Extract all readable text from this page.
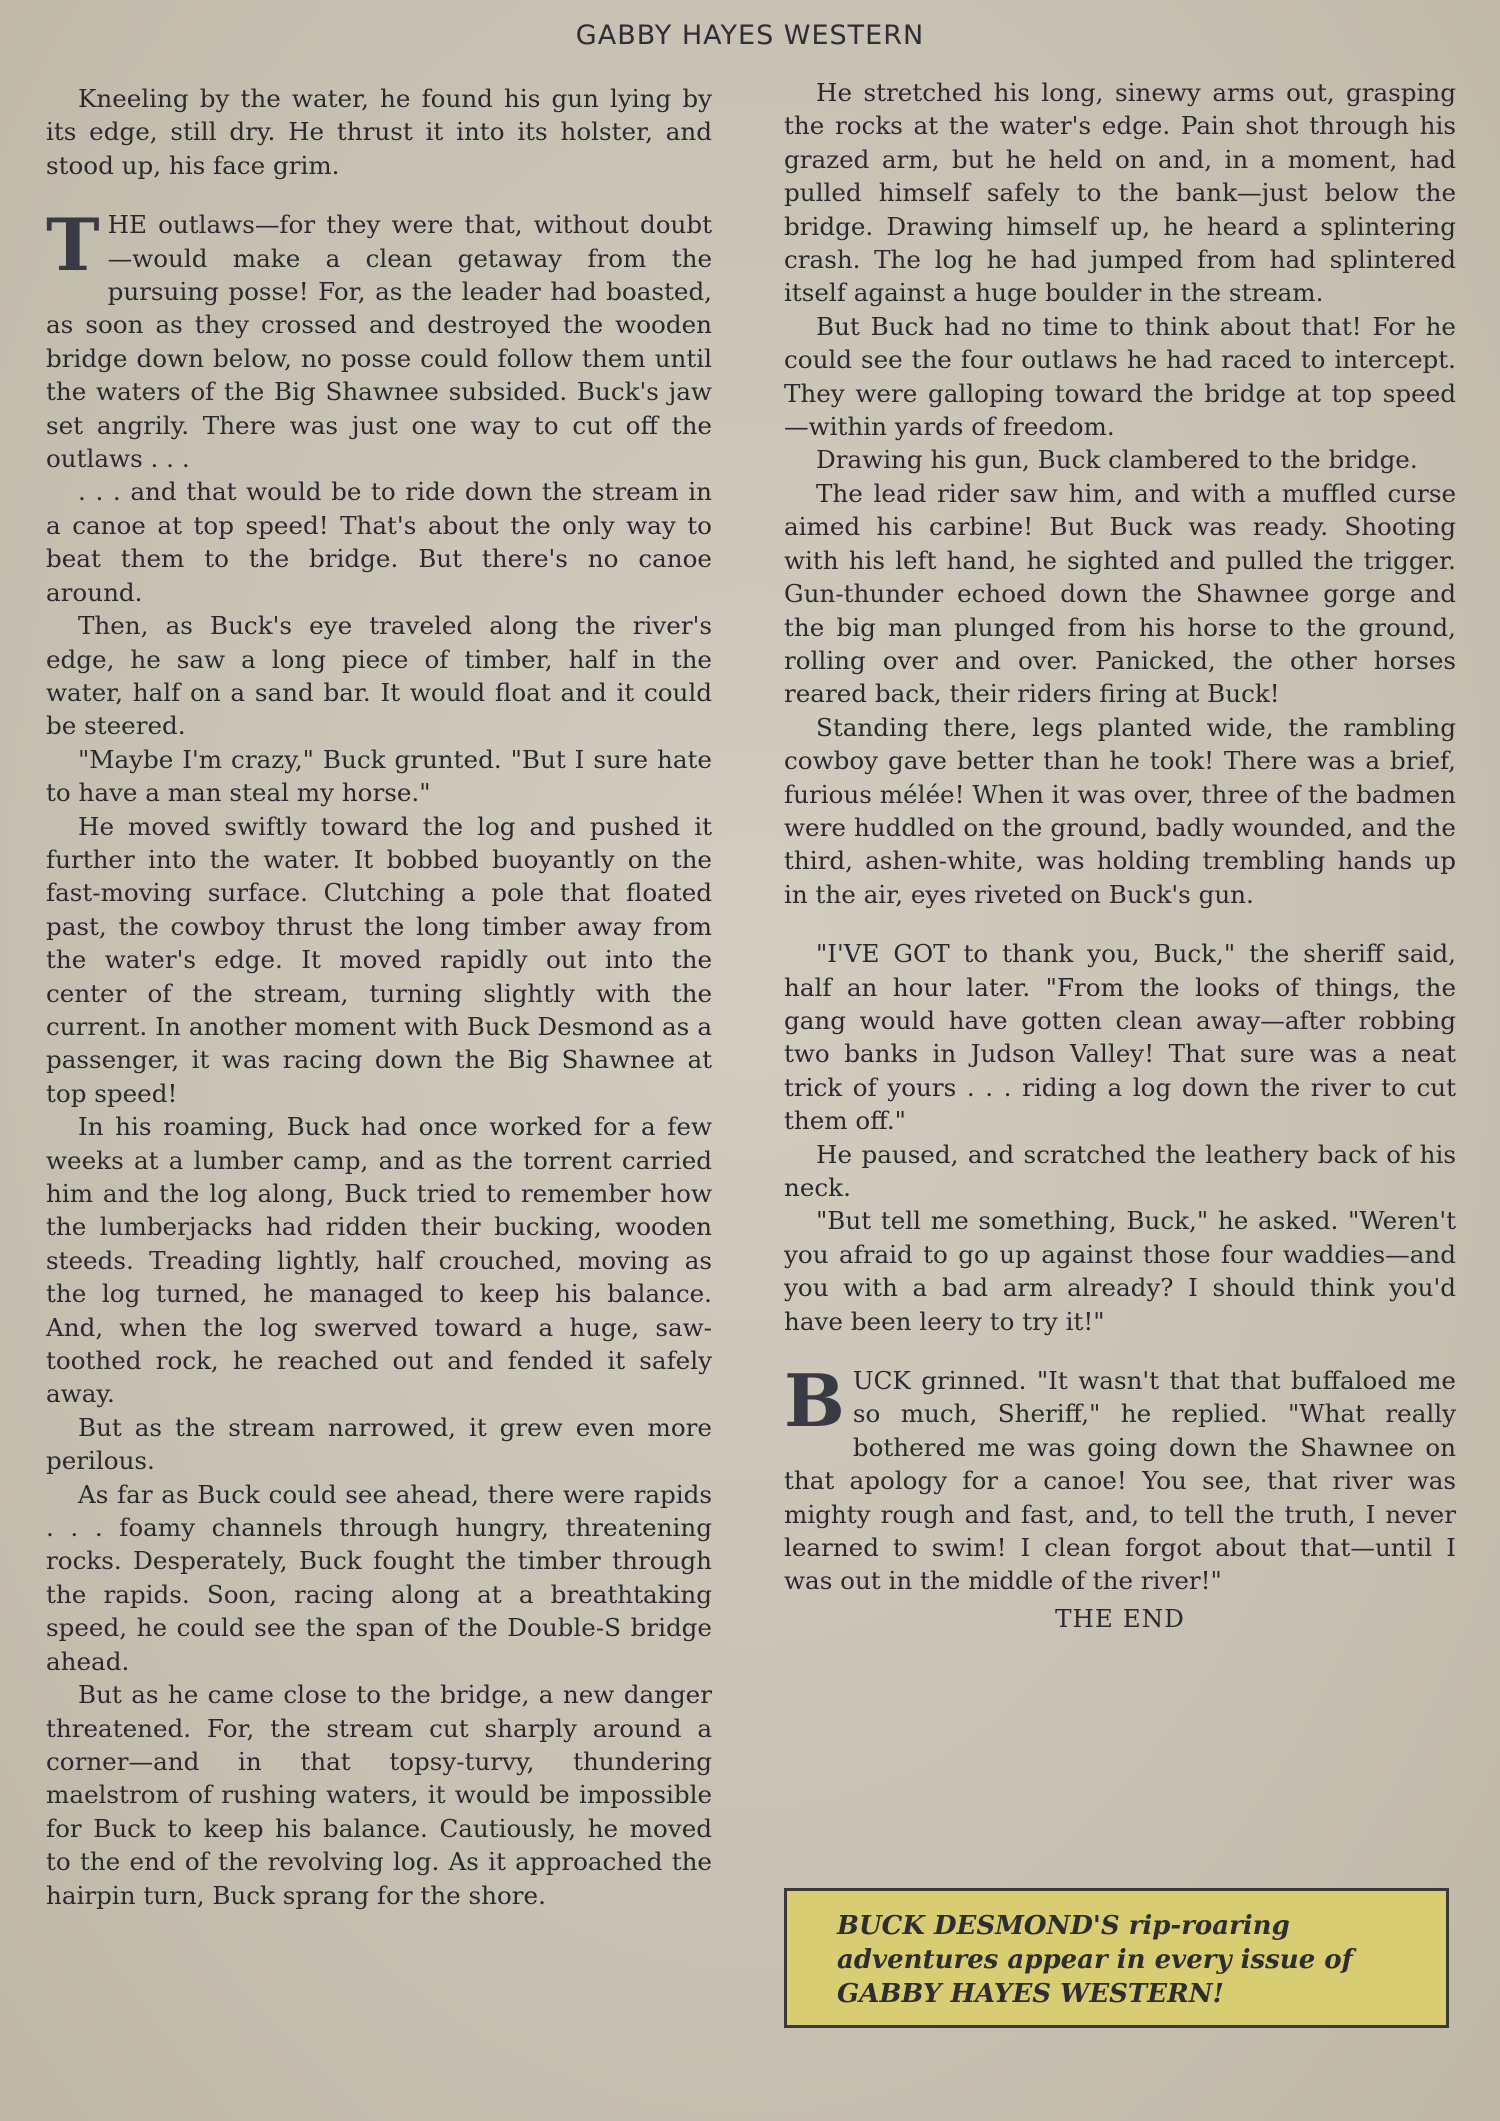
GABBY HAYES WESTERN

Kneeling by the water, he found his gun lying by its edge, still dry. He thrust it into its holster, and stood up, his face grim.

THE outlaws—for they were that, without doubt—would make a clean getaway from the pursuing posse! For, as the leader had boasted, as soon as they crossed and destroyed the wooden bridge down below, no posse could follow them until the waters of the Big Shawnee subsided. Buck's jaw set angrily. There was just one way to cut off the outlaws . . .

. . . and that would be to ride down the stream in a canoe at top speed! That's about the only way to beat them to the bridge. But there's no canoe around.

Then, as Buck's eye traveled along the river's edge, he saw a long piece of timber, half in the water, half on a sand bar. It would float and it could be steered.

"Maybe I'm crazy," Buck grunted. "But I sure hate to have a man steal my horse."

He moved swiftly toward the log and pushed it further into the water. It bobbed buoyantly on the fast-moving surface. Clutching a pole that floated past, the cowboy thrust the long timber away from the water's edge. It moved rapidly out into the center of the stream, turning slightly with the current. In another moment with Buck Desmond as a passenger, it was racing down the Big Shawnee at top speed!

In his roaming, Buck had once worked for a few weeks at a lumber camp, and as the torrent carried him and the log along, Buck tried to remember how the lumberjacks had ridden their bucking, wooden steeds. Treading lightly, half crouched, moving as the log turned, he managed to keep his balance. And, when the log swerved toward a huge, saw-toothed rock, he reached out and fended it safely away.

But as the stream narrowed, it grew even more perilous.

As far as Buck could see ahead, there were rapids . . . foamy channels through hungry, threatening rocks. Desperately, Buck fought the timber through the rapids. Soon, racing along at a breathtaking speed, he could see the span of the Double-S bridge ahead.

But as he came close to the bridge, a new danger threatened. For, the stream cut sharply around a corner—and in that topsy-turvy, thundering maelstrom of rushing waters, it would be impossible for Buck to keep his balance. Cautiously, he moved to the end of the revolving log. As it approached the hairpin turn, Buck sprang for the shore.

He stretched his long, sinewy arms out, grasping the rocks at the water's edge. Pain shot through his grazed arm, but he held on and, in a moment, had pulled himself safely to the bank—just below the bridge. Drawing himself up, he heard a splintering crash. The log he had jumped from had splintered itself against a huge boulder in the stream.

But Buck had no time to think about that! For he could see the four outlaws he had raced to intercept. They were galloping toward the bridge at top speed—within yards of freedom.

Drawing his gun, Buck clambered to the bridge.

The lead rider saw him, and with a muffled curse aimed his carbine! But Buck was ready. Shooting with his left hand, he sighted and pulled the trigger. Gun-thunder echoed down the Shawnee gorge and the big man plunged from his horse to the ground, rolling over and over. Panicked, the other horses reared back, their riders firing at Buck!

Standing there, legs planted wide, the rambling cowboy gave better than he took! There was a brief, furious mélée! When it was over, three of the badmen were huddled on the ground, badly wounded, and the third, ashen-white, was holding trembling hands up in the air, eyes riveted on Buck's gun.

"I'VE GOT to thank you, Buck," the sheriff said, half an hour later. "From the looks of things, the gang would have gotten clean away—after robbing two banks in Judson Valley! That sure was a neat trick of yours . . . riding a log down the river to cut them off."

He paused, and scratched the leathery back of his neck.

"But tell me something, Buck," he asked. "Weren't you afraid to go up against those four waddies—and you with a bad arm already? I should think you'd have been leery to try it!"

BUCK grinned. "It wasn't that that buffaloed me so much, Sheriff," he replied. "What really bothered me was going down the Shawnee on that apology for a canoe! You see, that river was mighty rough and fast, and, to tell the truth, I never learned to swim! I clean forgot about that—until I was out in the middle of the river!"

THE END

BUCK DESMOND'S rip-roaring adventures appear in every issue of GABBY HAYES WESTERN!
